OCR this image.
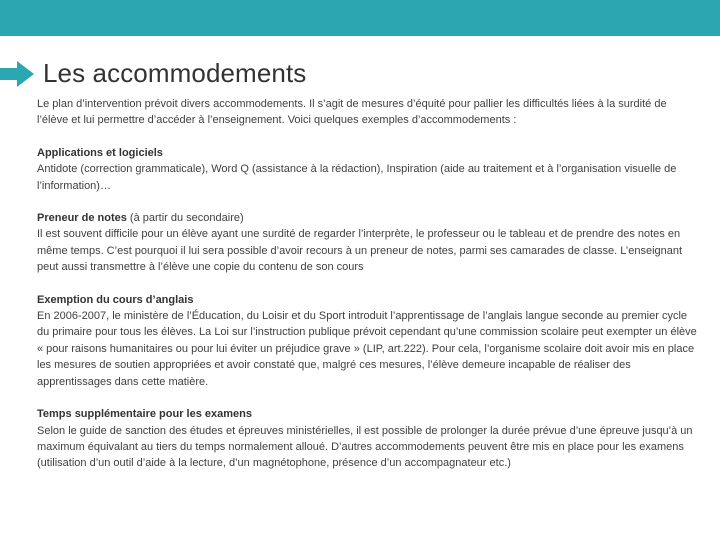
Les accommodements

Le plan d’intervention prévoit divers accommodements. Il s’agit de mesures d’équité pour pallier les difficultés liées à la surdité de l’élève et lui permettre d’accéder à l’enseignement. Voici quelques exemples d’accommodements :

Applications et logiciels
Antidote (correction grammaticale), Word Q (assistance à la rédaction), Inspiration (aide au traitement et à l’organisation visuelle de l’information)…
Preneur de notes (à partir du secondaire)
Il est souvent difficile pour un élève ayant une surdité de regarder l’interprète, le professeur ou le tableau et de prendre des notes en même temps. C’est pourquoi il lui sera possible d’avoir recours à un preneur de notes, parmi ses camarades de classe. L’enseignant peut aussi transmettre à l’élève une copie du contenu de son cours
Exemption du cours d’anglais
En 2006-2007, le ministère de l’Éducation, du Loisir et du Sport introduit l’apprentissage de l’anglais langue seconde au premier cycle du primaire pour tous les élèves. La Loi sur l’instruction publique prévoit cependant qu’une commission scolaire peut exempter un élève « pour raisons humanitaires ou pour lui éviter un préjudice grave » (LIP, art.222). Pour cela, l’organisme scolaire doit avoir mis en place les mesures de soutien appropriées et avoir constaté que, malgré ces mesures, l’élève demeure incapable de réaliser des apprentissages dans cette matière.
Temps supplémentaire pour les examens
Selon le guide de sanction des études et épreuves ministérielles, il est possible de prolonger la durée prévue d’une épreuve jusqu’à un maximum équivalant au tiers du temps normalement alloué. D’autres accommodements peuvent être mis en place pour les examens (utilisation d’un outil d’aide à la lecture, d’un magnétophone, présence d’un accompagnateur etc.)
